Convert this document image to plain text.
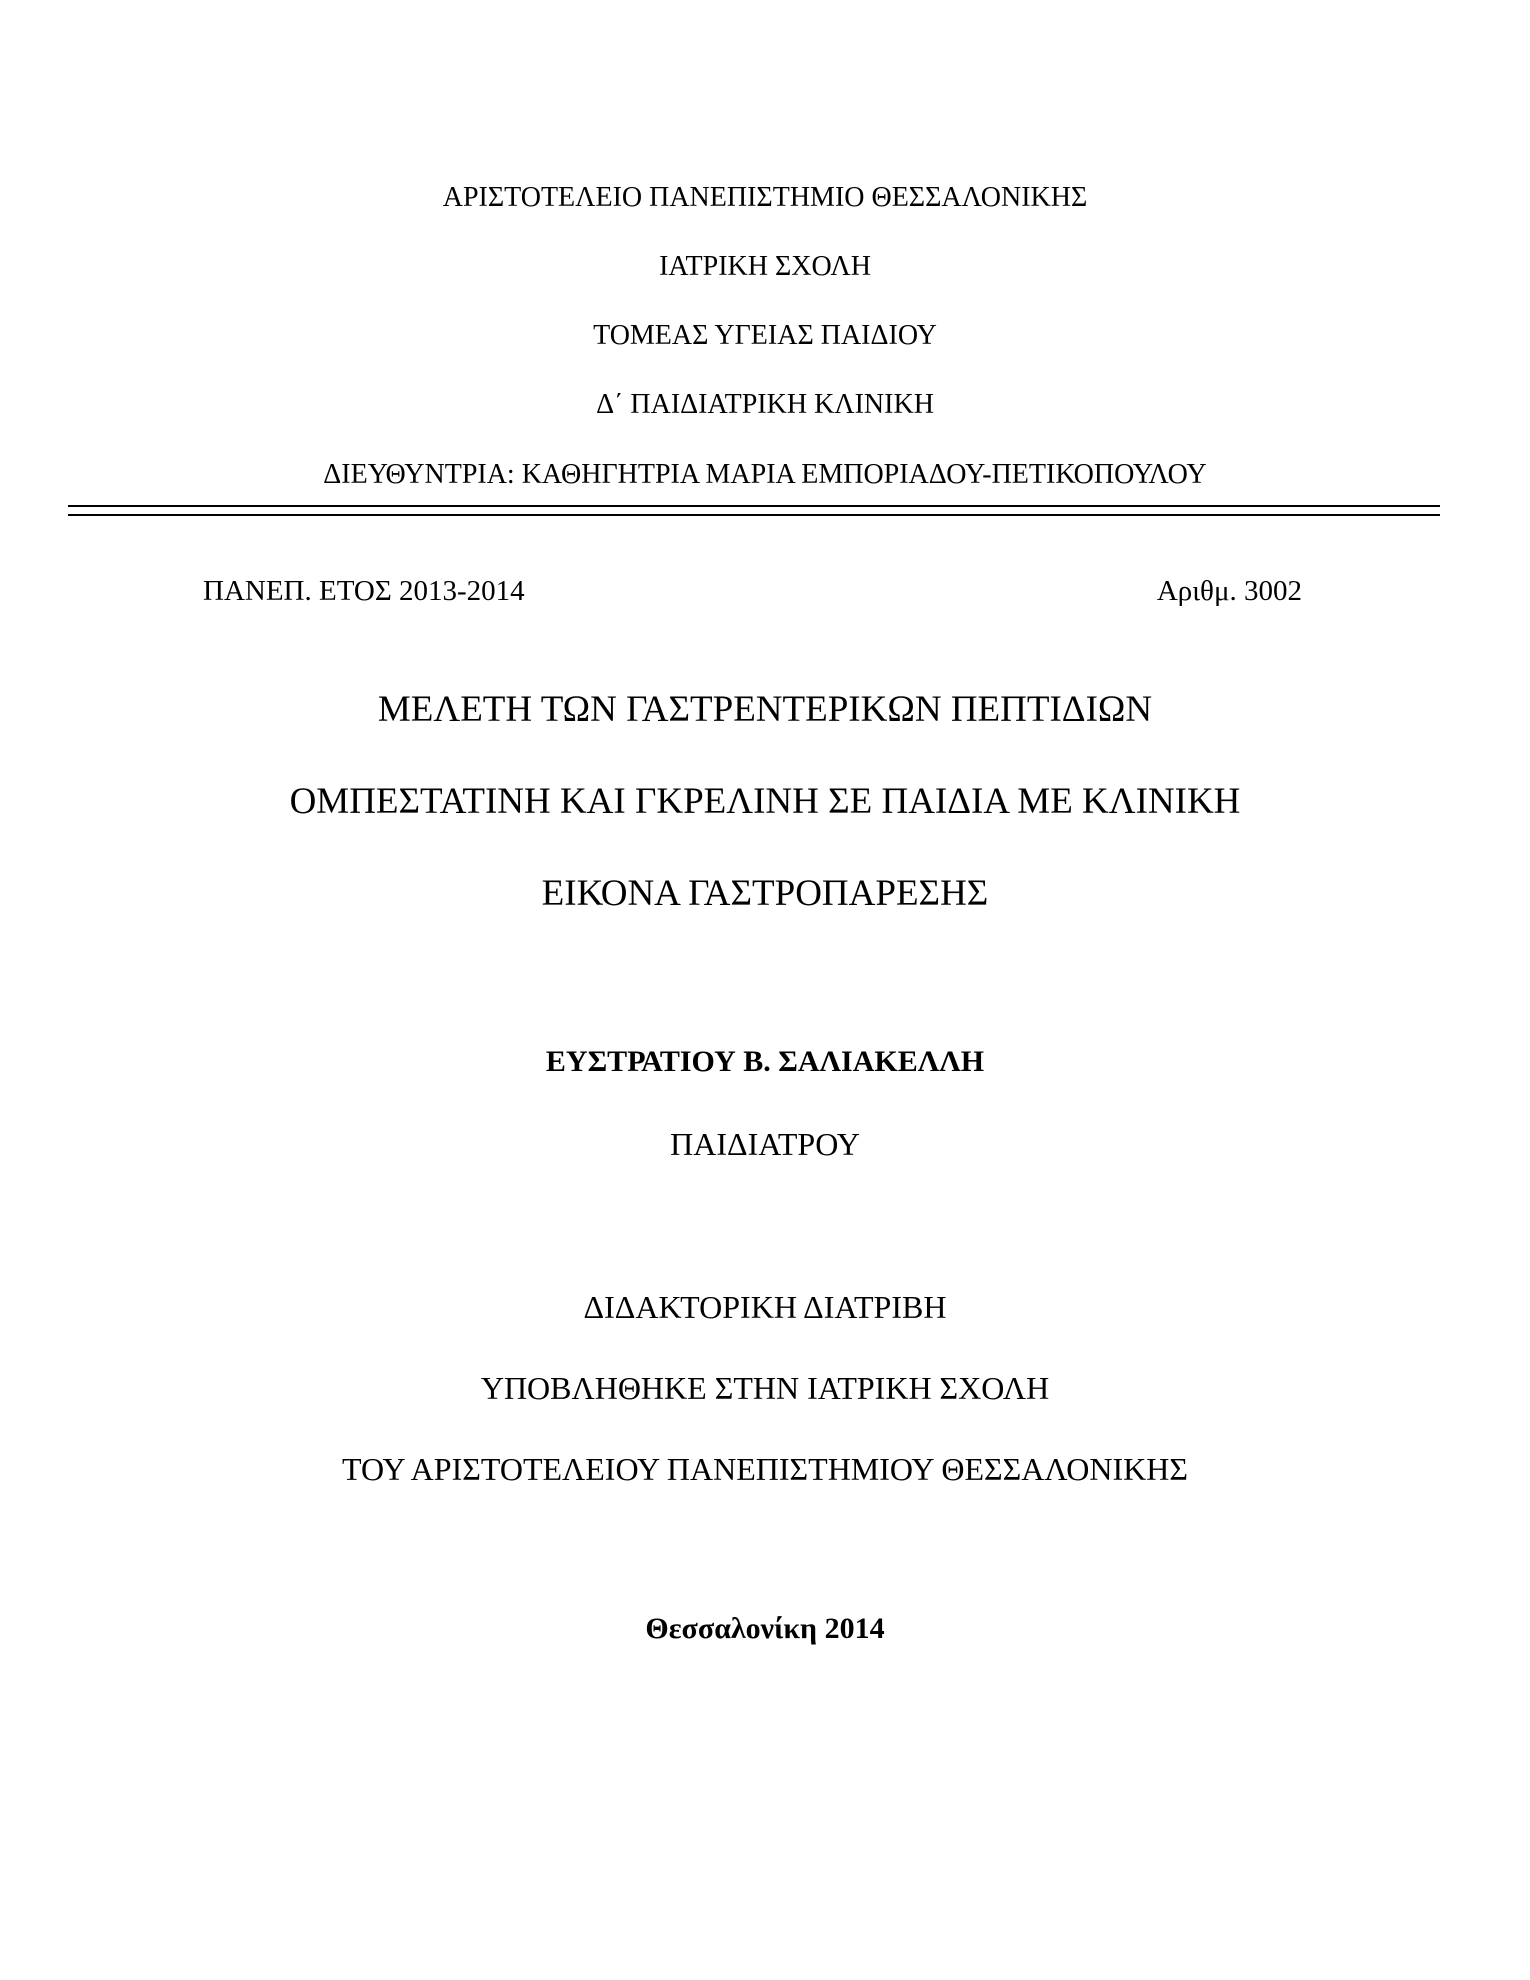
ΑΡΙΣΤΟΤΕΛΕΙΟ ΠΑΝΕΠΙΣΤΗΜΙΟ ΘΕΣΣΑΛΟΝΙΚΗΣ
ΙΑΤΡΙΚΗ ΣΧΟΛΗ
ΤΟΜΕΑΣ ΥΓΕΙΑΣ ΠΑΙΔΙΟΥ
Δ΄ ΠΑΙΔΙΑΤΡΙΚΗ ΚΛΙΝΙΚΗ
ΔΙΕΥΘΥΝΤΡΙΑ: ΚΑΘΗΓΗΤΡΙΑ ΜΑΡΙΑ ΕΜΠΟΡΙΑΔΟΥ-ΠΕΤΙΚΟΠΟΥΛΟΥ
ΠΑΝΕΠ. ΕΤΟΣ 2013-2014	Αριθμ. 3002
ΜΕΛΕΤΗ ΤΩΝ ΓΑΣΤΡΕΝΤΕΡΙΚΩΝ ΠΕΠΤΙΔΙΩΝ
ΟΜΠΕΣΤΑΤΙΝΗ ΚΑΙ ΓΚΡΕΛΙΝΗ ΣΕ ΠΑΙΔΙΑ ΜΕ ΚΛΙΝΙΚΗ
ΕΙΚΟΝΑ ΓΑΣΤΡΟΠΑΡΕΣΗΣ
ΕΥΣΤΡΑΤΙΟΥ Β. ΣΑΛΙΑΚΕΛΛΗ
ΠΑΙΔΙΑΤΡΟΥ
ΔΙΔΑΚΤΟΡΙΚΗ ΔΙΑΤΡΙΒΗ
ΥΠΟΒΛΗΘΗΚΕ ΣΤΗΝ ΙΑΤΡΙΚΗ ΣΧΟΛΗ
ΤΟΥ ΑΡΙΣΤΟΤΕΛΕΙΟΥ ΠΑΝΕΠΙΣΤΗΜΙΟΥ ΘΕΣΣΑΛΟΝΙΚΗΣ
Θεσσαλονίκη 2014
